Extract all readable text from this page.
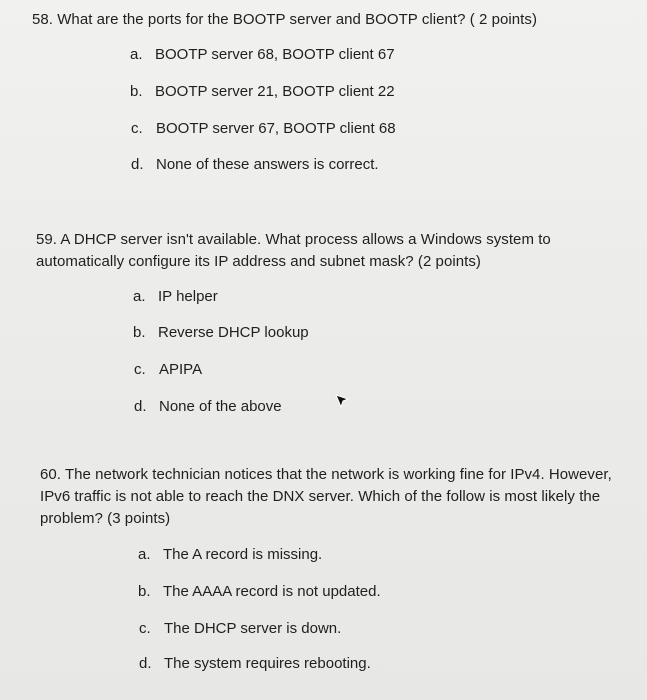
58. What are the ports for the BOOTP server and BOOTP client? ( 2 points)

a. BOOTP server 68, BOOTP client 67
b. BOOTP server 21, BOOTP client 22
c. BOOTP server 67, BOOTP client 68
d. None of these answers is correct.

59. A DHCP server isn't available. What process allows a Windows system to automatically configure its IP address and subnet mask? (2 points)

a. IP helper
b. Reverse DHCP lookup
c. APIPA
d. None of the above

60. The network technician notices that the network is working fine for IPv4. However, IPv6 traffic is not able to reach the DNX server. Which of the follow is most likely the problem? (3 points)

a. The A record is missing.
b. The AAAA record is not updated.
c. The DHCP server is down.
d. The system requires rebooting.
